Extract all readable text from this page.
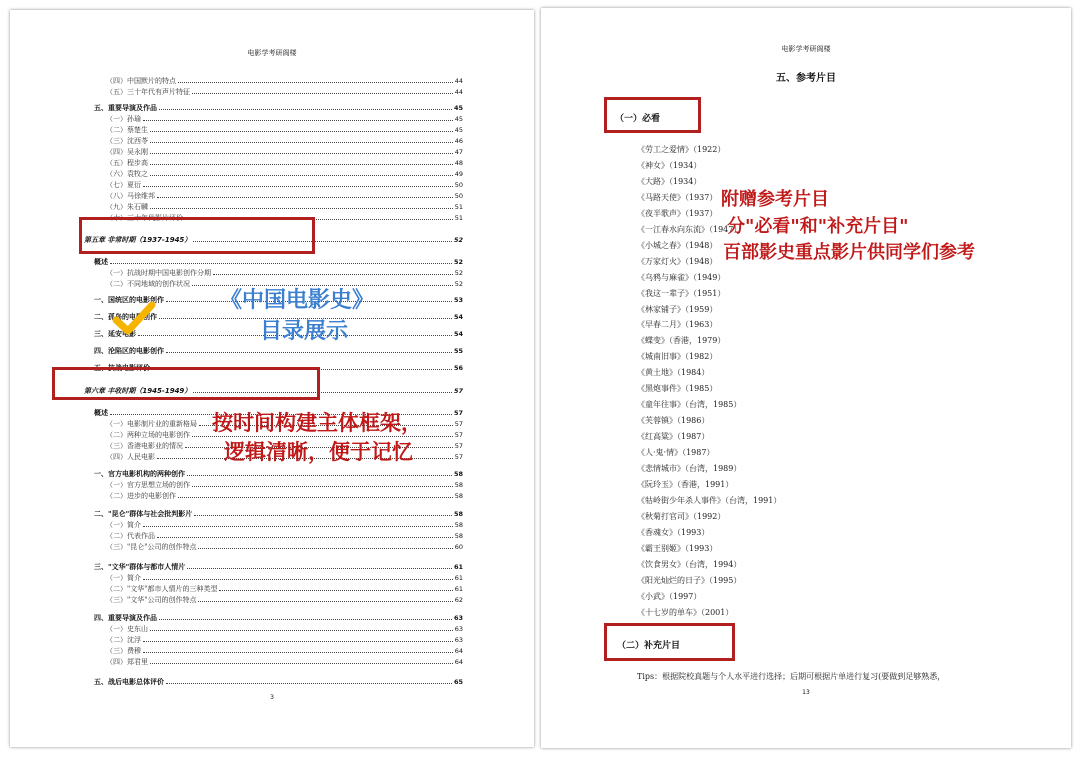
电影学考研阁楼
（四）中国默片的特点	44
（五）三十年代有声片特征	44
五、重要导演及作品	45
（一）孙瑜	45
（二）蔡楚生	45
（三）沈西苓	46
（四）吴永刚	47
（五）程步高	48
（六）袁牧之	49
（七）夏衍	50
（八）马徐维邦	50
（九）朱石麟	51
（十）三十年代影片评价	51
第五章 非常时期（1937-1945）	52
概述	52
（一）抗战时期中国电影创作分期	52
（二）不同地域的创作状况	52
一、国统区的电影创作	53
二、孤岛的电影创作	54
三、延安电影	54
四、沦陷区的电影创作	55
五、抗战电影评价	56
第六章 丰收时期（1945-1949）	57
概述	57
（一）电影制片业的重新格局	57
（二）两种立场的电影创作	57
（三）香港电影业的情况	57
（四）人民电影	57
一、官方电影机构的两种创作	58
（一）官方思想立场的创作	58
（二）进步的电影创作	58
二、"昆仑"群体与社会批判影片	58
（一）简介	58
（二）代表作品	58
（三）"昆仑"公司的创作特点	60
三、"文华"群体与都市人情片	61
（一）简介	61
（二）"文华"都市人情片的三种类型	61
（三）"文华"公司的创作特点	62
四、重要导演及作品	63
（一）史东山	63
（二）沈浮	63
（三）费穆	64
（四）郑君里	64
五、战后电影总体评价	65
《中国电影史》
目录展示
按时间构建主体框架，
逻辑清晰，便于记忆
3
电影学考研阁楼
五、参考片目
（一）必看
《劳工之爱情》（1922）
《神女》（1934）
《大路》（1934）
《马路天使》（1937）
《夜半歌声》（1937）
《一江春水向东流》（1947）
《小城之春》（1948）
《万家灯火》（1948）
《乌鸦与麻雀》（1949）
《我这一辈子》（1951）
《林家铺子》（1959）
《早春二月》（1963）
《蝶变》（香港，1979）
《城南旧事》（1982）
《黄土地》（1984）
《黑炮事件》（1985）
《童年往事》（台湾，1985）
《芙蓉镇》（1986）
《红高粱》（1987）
《人·鬼·情》（1987）
《悲情城市》（台湾，1989）
《阮玲玉》（香港，1991）
《牯岭街少年杀人事件》（台湾，1991）
《秋菊打官司》（1992）
《香魂女》（1993）
《霸王别姬》（1993）
《饮食男女》（台湾，1994）
《阳光灿烂的日子》（1995）
《小武》（1997）
《十七岁的单车》（2001）
附赠参考片目
分"必看"和"补充片目"
百部影史重点影片供同学们参考
（二）补充片目
Tips：根据院校真题与个人水平进行选择；后期可根据片单进行复习(要做到足够熟悉，
13
